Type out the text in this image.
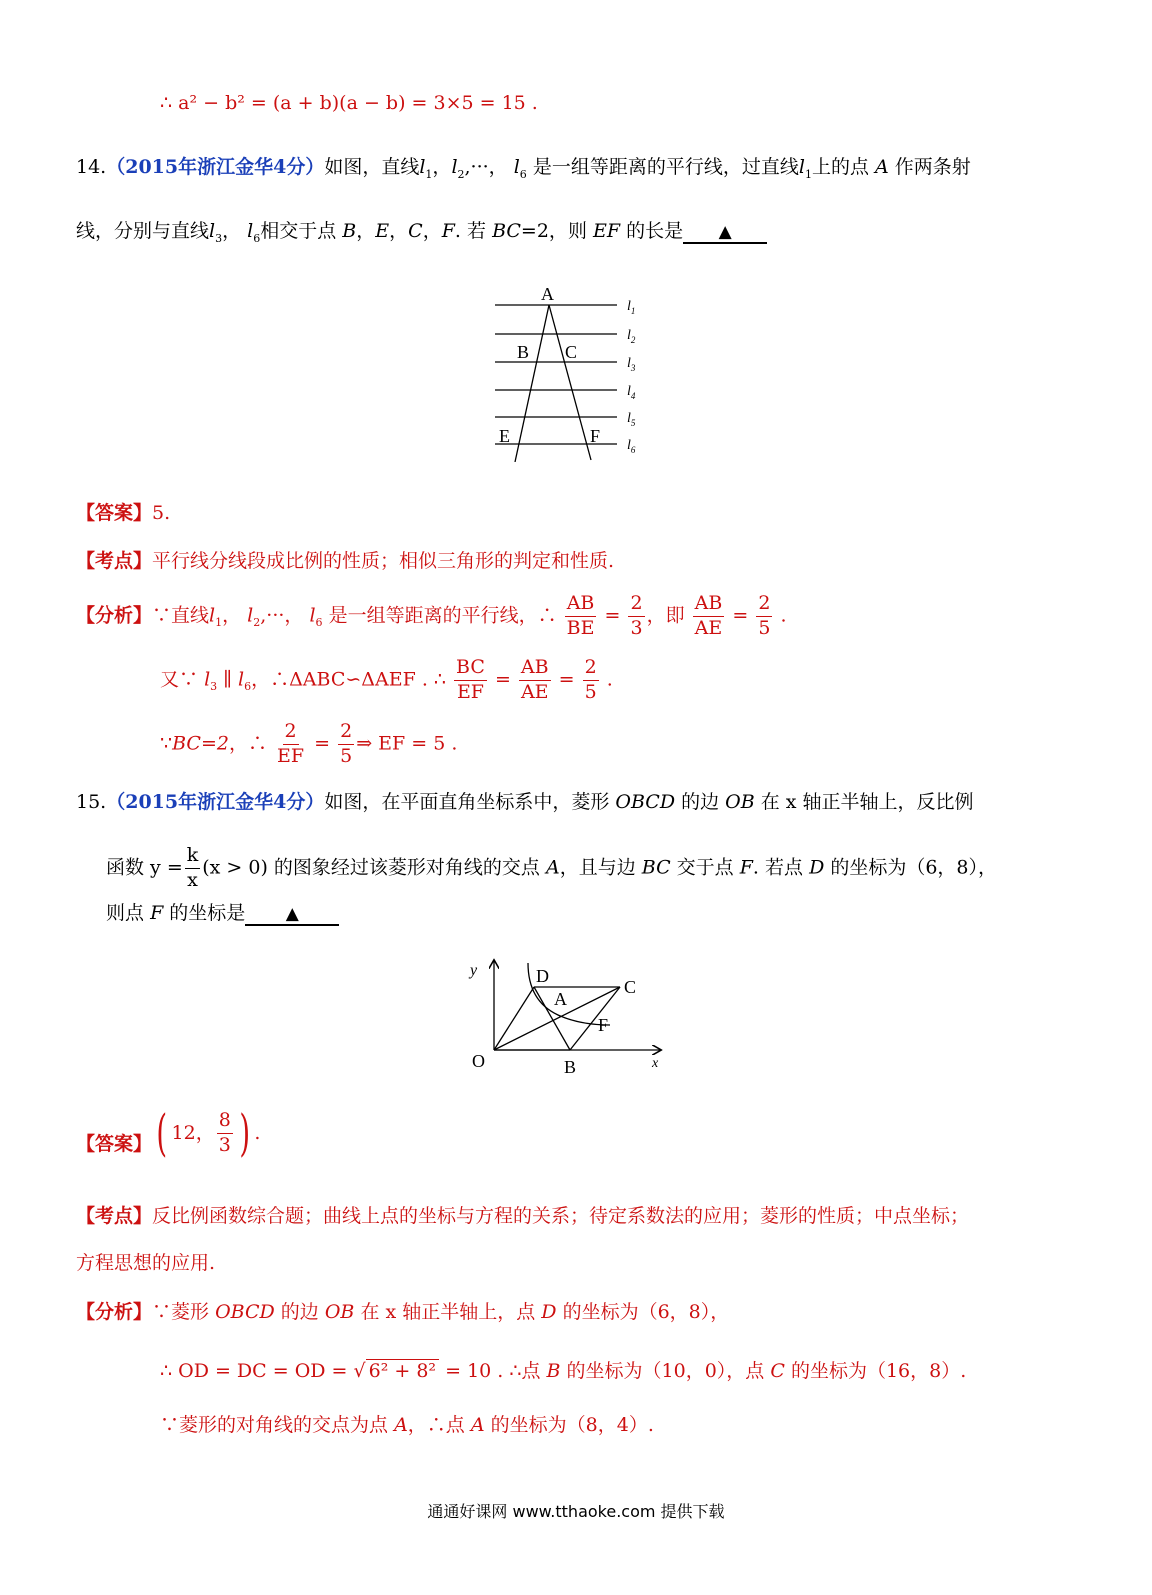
∴ a² − b² = (a + b)(a − b) = 3×5 = 15 .
14.（2015年浙江金华4分）如图，直线$l_1$，$l_2,\cdot\cdot\cdot$， $l_6$ 是一组等距离的平行线，过直线$l_1$上的点 A 作两条射
线，分别与直线$l_3$， $l_6$相交于点 B，E，C，F. 若 BC=2，则 EF 的长是 ▲
A
B C
E	F
$l_1$
$l_2$
$l_3$
$l_4$
$l_5$
$l_6$
【答案】5.
【考点】平行线分线段成比例的性质；相似三角形的判定和性质.
【分析】∵直线$l_1$， $l_2,\cdot\cdot\cdot$， $l_6$ 是一组等距离的平行线，∴ $\frac{AB}{BE} = \frac{2}{3}$ ，即 $\frac{AB}{AE} = \frac{2}{5}$ .
又∵ $l_3$ ∥ $l_6$，∴ΔABC∽ΔAEF . ∴ $\frac{BC}{EF} = \frac{AB}{AE} = \frac{2}{5}$ .
∵BC=2，∴ $\frac{2}{EF} = \frac{2}{5}$ ⇒ EF = 5 .
15.（2015年浙江金华4分）如图，在平面直角坐标系中，菱形 OBCD 的边 OB 在 x 轴正半轴上，反比例
函数 $y = \frac{k}{x} (x > 0)$ 的图象经过该菱形对角线的交点 A，且与边 BC 交于点 F. 若点 D 的坐标为（6，8），
则点 F 的坐标是 ▲
y	D
C
A
F
O	B	x
【答案】 ( 12 ， $\frac{8}{3}$ ) .
【考点】反比例函数综合题；曲线上点的坐标与方程的关系；待定系数法的应用；菱形的性质；中点坐标；
方程思想的应用.
【分析】∵菱形 OBCD 的边 OB 在 x 轴正半轴上，点 D 的坐标为（6，8），
∴ OD = DC = OD = √ 6² + 8² = 10 . ∴点 B 的坐标为（10，0），点 C 的坐标为（16，8）.
∵菱形的对角线的交点为点 A，∴点 A 的坐标为（8，4）.
通通好课网 www.tthaoke.com 提供下载
